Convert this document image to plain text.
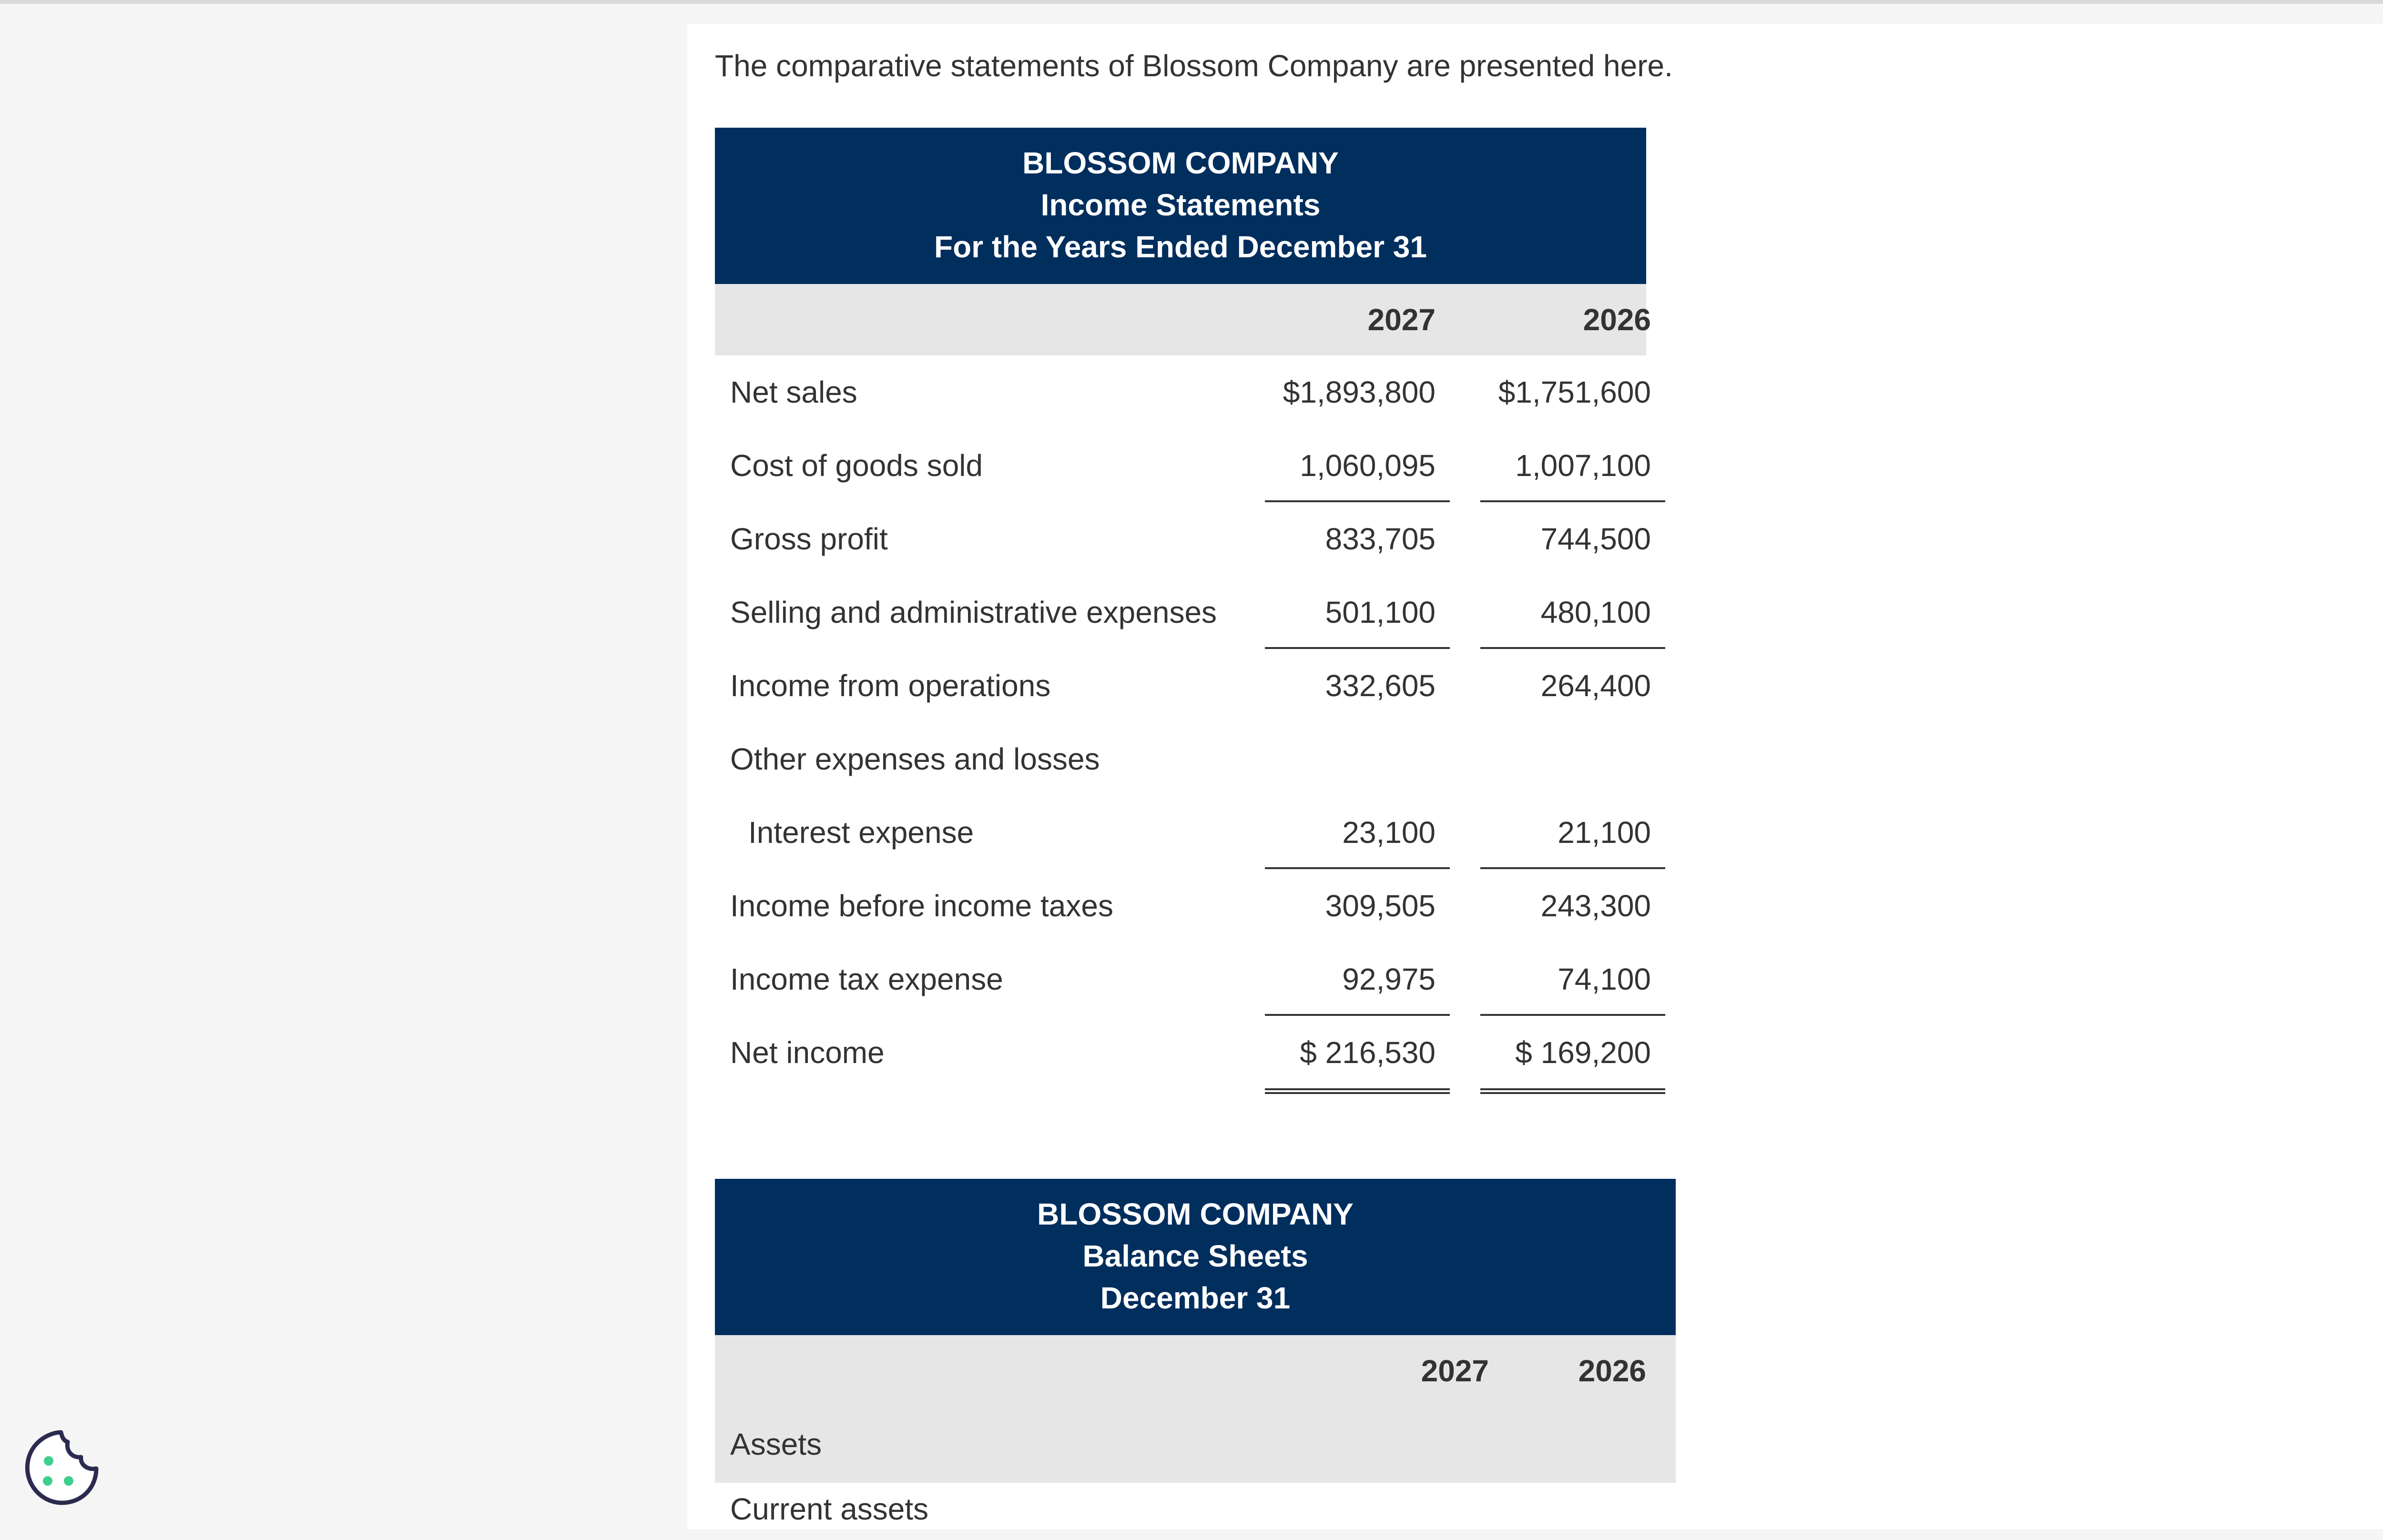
The comparative statements of Blossom Company are presented here.
BLOSSOM COMPANY
Income Statements
For the Years Ended December 31
2027	2026
Net sales	$1,893,800	$1,751,600
Cost of goods sold	1,060,095	1,007,100
Gross profit	833,705	744,500
Selling and administrative expenses	501,100	480,100
Income from operations	332,605	264,400
Other expenses and losses
Interest expense	23,100	21,100
Income before income taxes	309,505	243,300
Income tax expense	92,975	74,100
Net income	$ 216,530	$ 169,200
BLOSSOM COMPANY
Balance Sheets
December 31
2027	2026
Assets
Current assets
